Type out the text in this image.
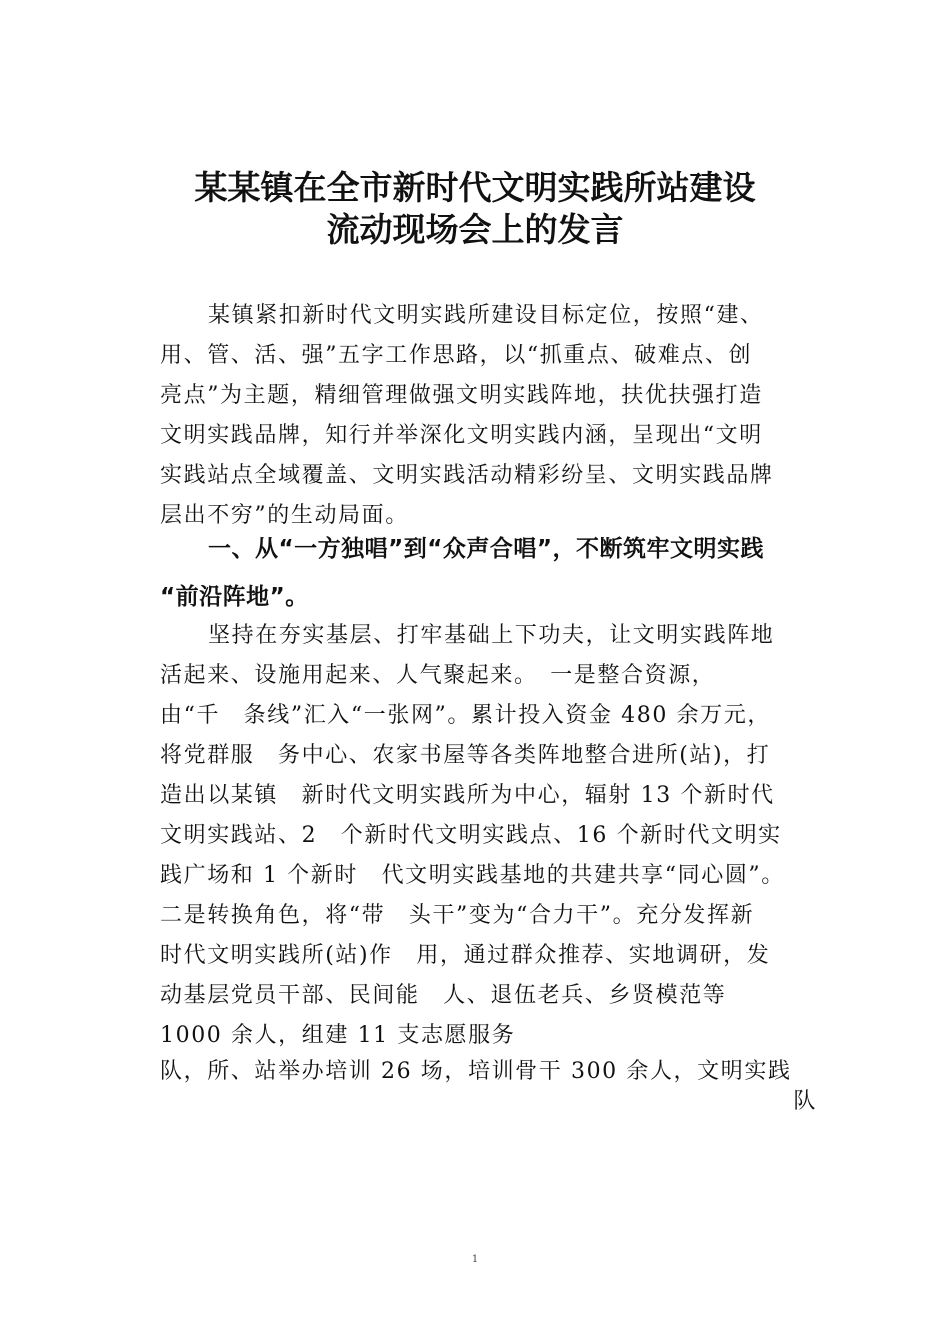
某某镇在全市新时代文明实践所站建设
流动现场会上的发言
某镇紧扣新时代文明实践所建设目标定位，按照“建、
用、管、活、强”五字工作思路，以“抓重点、破难点、创
亮点”为主题，精细管理做强文明实践阵地，扶优扶强打造
文明实践品牌，知行并举深化文明实践内涵，呈现出“文明
实践站点全域覆盖、文明实践活动精彩纷呈、文明实践品牌
层出不穷”的生动局面。
一、从“一方独唱”到“众声合唱”，不断筑牢文明实践
“前沿阵地”。
坚持在夯实基层、打牢基础上下功夫，让文明实践阵地
活起来、设施用起来、人气聚起来。　一是整合资源，
由“千　条线”汇入“一张网”。累计投入资金 480 余万元，
将党群服　务中心、农家书屋等各类阵地整合进所(站)，打
造出以某镇　新时代文明实践所为中心，辐射 13 个新时代
文明实践站、2　个新时代文明实践点、16 个新时代文明实
践广场和 1 个新时　代文明实践基地的共建共享“同心圆”。
二是转换角色，将“带　头干”变为“合力干”。充分发挥新
时代文明实践所(站)作　用，通过群众推荐、实地调研，发
动基层党员干部、民间能　人、退伍老兵、乡贤模范等
1000 余人，组建 11 支志愿服务
队，所、站举办培训 26 场，培训骨干 300 余人，文明实践
队
1
